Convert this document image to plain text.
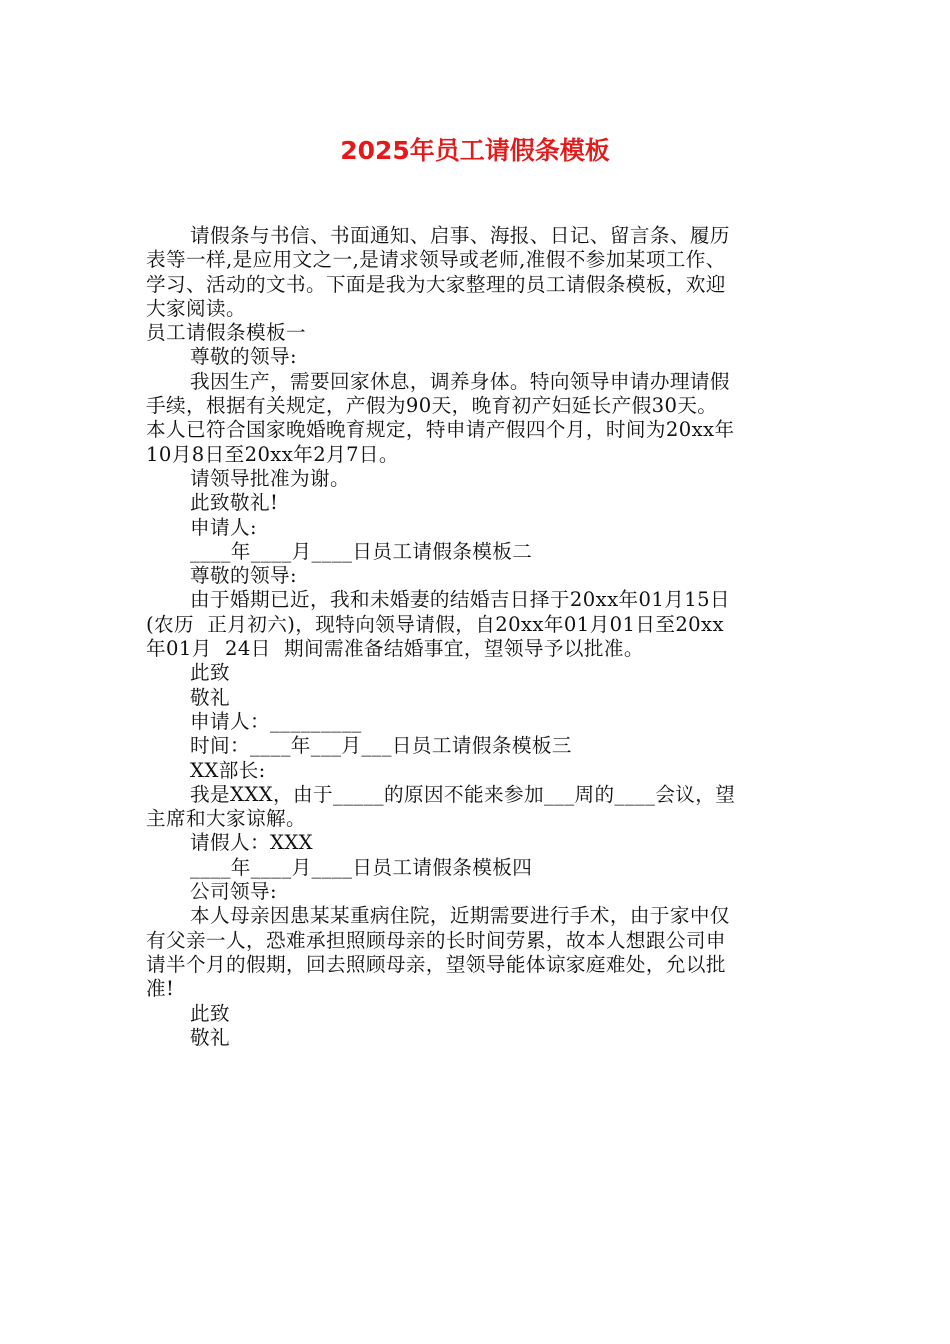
2025年员工请假条模板

请假条与书信、书面通知、启事、海报、日记、留言条、履历

表等一样,是应用文之一,是请求领导或老师,准假不参加某项工作、

学习、活动的文书。下面是我为大家整理的员工请假条模板，欢迎

大家阅读。

员工请假条模板一

尊敬的领导:

我因生产，需要回家休息，调养身体。特向领导申请办理请假

手续，根据有关规定，产假为90天，晚育初产妇延长产假30天。

本人已符合国家晚婚晚育规定，特申请产假四个月，时间为20xx年

10月8日至20xx年2月7日。

请领导批准为谢。

此致敬礼!

申请人:

____年____月____日员工请假条模板二

尊敬的领导:

由于婚期已近，我和未婚妻的结婚吉日择于20xx年01月15日

(农历  正月初六)，现特向领导请假，自20xx年01月01日至20xx

年01月  24日  期间需准备结婚事宜，望领导予以批准。

此致

敬礼

申请人：_________

时间：____年___月___日员工请假条模板三

XX部长:

我是XXX，由于_____的原因不能来参加___周的____会议，望

主席和大家谅解。

请假人：XXX

____年____月____日员工请假条模板四

公司领导:

本人母亲因患某某重病住院，近期需要进行手术，由于家中仅

有父亲一人，恐难承担照顾母亲的长时间劳累，故本人想跟公司申

请半个月的假期，回去照顾母亲，望领导能体谅家庭难处，允以批

准!

此致

敬礼
